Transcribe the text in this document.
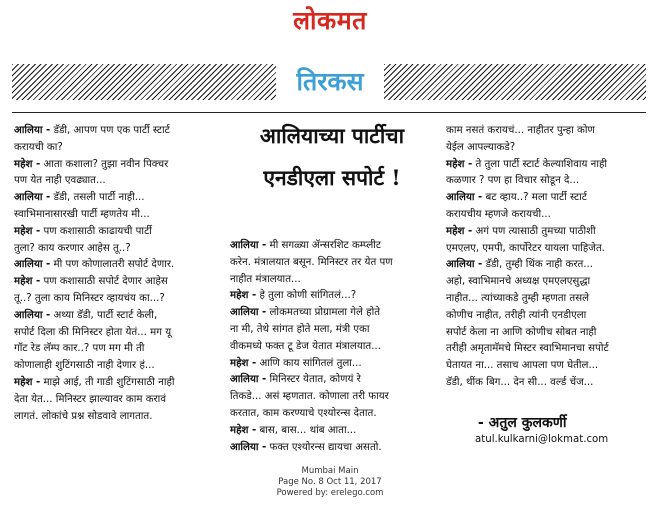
लोकमत
तिरकस
आलिया - डॅडी, आपण पण एक पार्टी स्टार्ट
करायची का?
महेश - आता कशाला? तुझा नवीन पिक्चर
पण येत नाही एवढ्यात...
आलिया - डॅडी, तसली पार्टी नाही...
स्वाभिमानासारखी पार्टी म्हणतेय मी...
महेश - पण कशासाठी काढायची पार्टी
तुला? काय करणार आहेस तू..?
आलिया - मी पण कोणालातरी सपोर्ट देणार.
महेश - पण कशासाठी सपोर्ट देणार आहेस
तू..? तुला काय मिनिस्टर व्हायचंय का...?
आलिया - अथ्या डॅडी, पार्टी स्टार्ट केली,
सपोर्ट दिला की मिनिस्टर होता येतं... मग यू
गॉट रेड लॅम्प कार..? पण मग मी ती
कोणालाही शुटिंगसाठी नाही देणार हं...
महेश - माझे आई, ती गाडी शुटिंगसाठी नाही
देता येत... मिनिस्टर झाल्यावर काम करावं
लागतं. लोकांचे प्रश्न सोडवावे लागतात.
आलियाच्या पार्टीचा
एनडीएला सपोर्ट !
आलिया - मी सगळ्या ॲन्सरशिट कम्प्लीट
करेन. मंत्रालयात बसून. मिनिस्टर तर येत पण
नाहीत मंत्रालयात...
महेश - हे तुला कोणी सांगितलं...?
आलिया - लोकमतच्या प्रोग्रामला गेले होते
ना मी, तेथे सांगत होते मला, मंत्री एका
वीकमध्ये फक्त टू डेज येतात मंत्रालयात...
महेश - आणि काय सांगितलं तुला...
आलिया - मिनिस्टर येतात, कोणयं रे
तिकडे... असं म्हणतात. कोणाला तरी फायर
करतात, काम करण्याचे एश्योरन्स देतात.
महेश - बास, बास... थांब आता...
आलिया - फक्त एश्योरन्स द्यायचा असतो.
काम नसतं करायचं... नाहीतर पुन्हा कोण
येईल आपल्याकडे?
महेश - ते तुला पार्टी स्टार्ट केल्याशिवाय नाही
कळणार ? पण हा विचार सोडून दे...
आलिया - बट व्हाय..? मला पार्टी स्टार्ट
करायचीय म्हणजे करायची...
महेश - अगं पण त्यासाठी तुमच्या पाठीशी
एमएलए, एमपी, कार्पोरेटर यायला पाहिजेत.
आलिया - डॅडी, तुम्ही थिंक नाही करत...
अहो, स्वाभिमानचे अध्यक्ष एमएलएसुद्धा
नाहीत... त्यांच्याकडे तुम्ही म्हणता तसले
कोणीच नाहीत, तरीही त्यांनी एनडीएला
सपोर्ट केला ना आणि कोणीच सोबत नाही
तरीही अमृतामॅमचे मिस्टर स्वाभिमानचा सपोर्ट
घेतायत ना... तसाच आपला पण घेतील...
डॅडी, थींक बिग... देन सी... वर्ल्ड चेंज...
- अतुल कुलकर्णी
atul.kulkarni@lokmat.com
Mumbai Main
Page No. 8 Oct 11, 2017
Powered by: erelego.com
